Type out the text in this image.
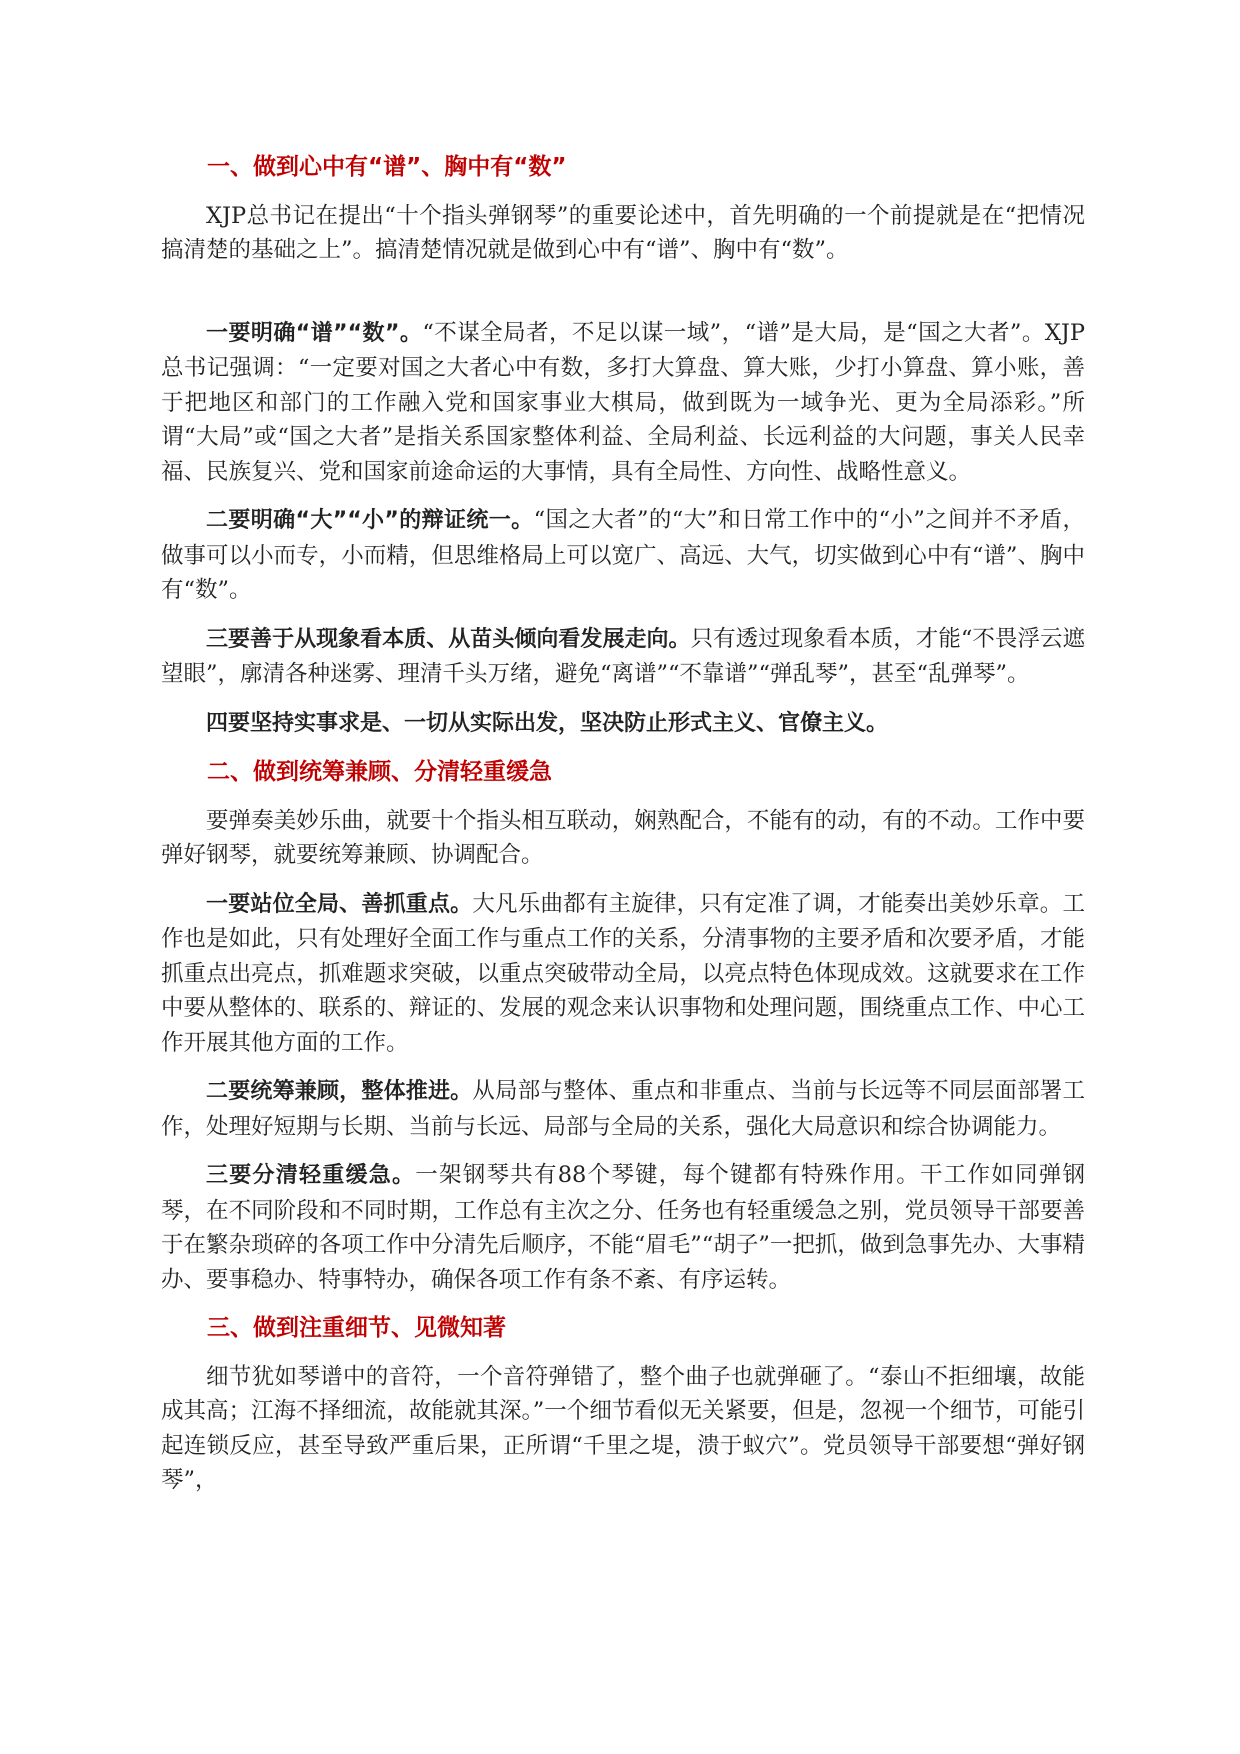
一、做到心中有“谱”、胸中有“数”

XJP总书记在提出“十个指头弹钢琴”的重要论述中，首先明确的一个前提就是在“把情况搞清楚的基础之上”。搞清楚情况就是做到心中有“谱”、胸中有“数”。

一要明确“谱”“数”。“不谋全局者，不足以谋一域”，“谱”是大局，是“国之大者”。XJP总书记强调：“一定要对国之大者心中有数，多打大算盘、算大账，少打小算盘、算小账，善于把地区和部门的工作融入党和国家事业大棋局，做到既为一域争光、更为全局添彩。”所谓“大局”或“国之大者”是指关系国家整体利益、全局利益、长远利益的大问题，事关人民幸福、民族复兴、党和国家前途命运的大事情，具有全局性、方向性、战略性意义。

二要明确“大”“小”的辩证统一。“国之大者”的“大”和日常工作中的“小”之间并不矛盾，做事可以小而专，小而精，但思维格局上可以宽广、高远、大气，切实做到心中有“谱”、胸中有“数”。

三要善于从现象看本质、从苗头倾向看发展走向。只有透过现象看本质，才能“不畏浮云遮望眼”，廓清各种迷雾、理清千头万绪，避免“离谱”“不靠谱”“弹乱琴”，甚至“乱弹琴”。

四要坚持实事求是、一切从实际出发，坚决防止形式主义、官僚主义。

二、做到统筹兼顾、分清轻重缓急

要弹奏美妙乐曲，就要十个指头相互联动，娴熟配合，不能有的动，有的不动。工作中要弹好钢琴，就要统筹兼顾、协调配合。

一要站位全局、善抓重点。大凡乐曲都有主旋律，只有定准了调，才能奏出美妙乐章。工作也是如此，只有处理好全面工作与重点工作的关系，分清事物的主要矛盾和次要矛盾，才能抓重点出亮点，抓难题求突破，以重点突破带动全局，以亮点特色体现成效。这就要求在工作中要从整体的、联系的、辩证的、发展的观念来认识事物和处理问题，围绕重点工作、中心工作开展其他方面的工作。

二要统筹兼顾，整体推进。从局部与整体、重点和非重点、当前与长远等不同层面部署工作，处理好短期与长期、当前与长远、局部与全局的关系，强化大局意识和综合协调能力。

三要分清轻重缓急。一架钢琴共有88个琴键，每个键都有特殊作用。干工作如同弹钢琴，在不同阶段和不同时期，工作总有主次之分、任务也有轻重缓急之别，党员领导干部要善于在繁杂琐碎的各项工作中分清先后顺序，不能“眉毛”“胡子”一把抓，做到急事先办、大事精办、要事稳办、特事特办，确保各项工作有条不紊、有序运转。

三、做到注重细节、见微知著

细节犹如琴谱中的音符，一个音符弹错了，整个曲子也就弹砸了。“泰山不拒细壤，故能成其高；江海不择细流，故能就其深。”一个细节看似无关紧要，但是，忽视一个细节，可能引起连锁反应，甚至导致严重后果，正所谓“千里之堤，溃于蚁穴”。党员领导干部要想“弹好钢琴”，
